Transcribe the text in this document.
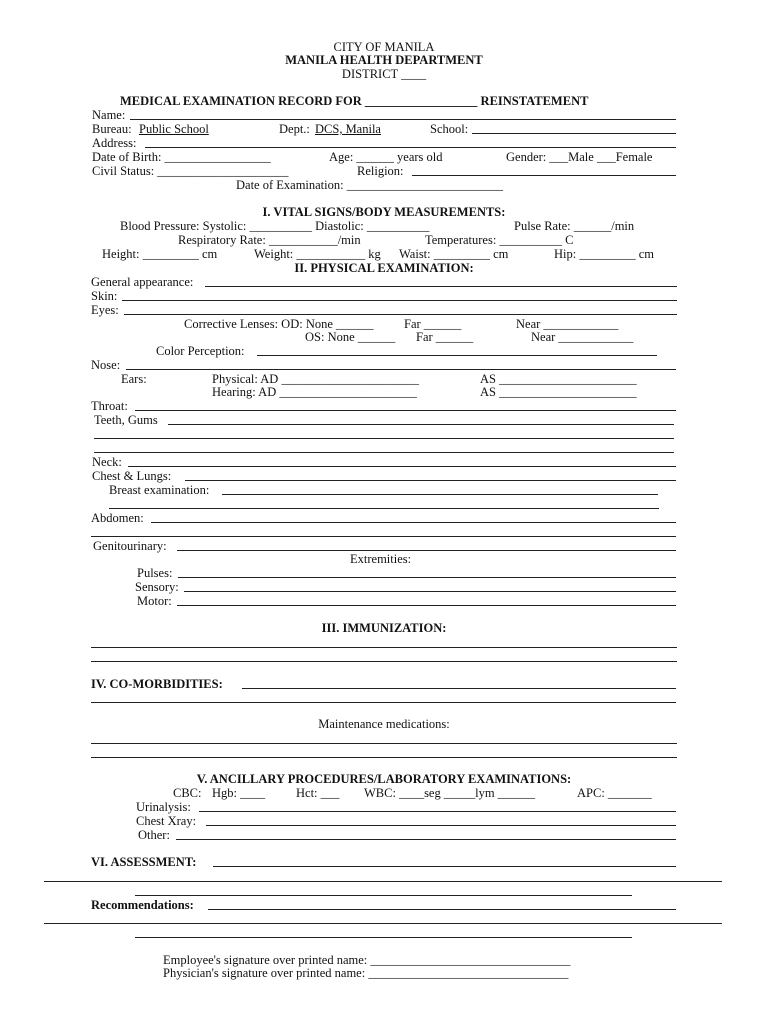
CITY OF MANILA
MANILA HEALTH DEPARTMENT
DISTRICT ____
MEDICAL EXAMINATION RECORD FOR __________________ REINSTATEMENT
Name:
Bureau: Public School	Dept.: DCS, Manila	School:
Address:
Date of Birth: _________________	Age: ______ years old	Gender: ___Male ___Female
Civil Status: _____________________	Religion:
Date of Examination: _________________________
I. VITAL SIGNS/BODY MEASUREMENTS:
Blood Pressure: Systolic: __________ Diastolic: __________	Pulse Rate: ______/min
Respiratory Rate: ___________/min	Temperatures: __________ C
Height: _________ cm	Weight: ___________ kg Waist: _________ cm	Hip: _________ cm
II. PHYSICAL EXAMINATION:
General appearance:
Skin:
Eyes:
Corrective Lenses: OD: None ______ Far ______	Near ____________
OS: None ______ Far ______	Near ____________
Color Perception:
Nose:
Ears:	Physical: AD ______________________	AS ______________________
Hearing: AD ______________________	AS ______________________
Throat:
Teeth, Gums
Neck:
Chest & Lungs:
Breast examination:
Abdomen:
Genitourinary:
Extremities:
Pulses:
Sensory:
Motor:
III. IMMUNIZATION:
IV. CO-MORBIDITIES:
Maintenance medications:
V. ANCILLARY PROCEDURES/LABORATORY EXAMINATIONS:
CBC: Hgb: ____ Hct: ___ WBC: ____seg _____lym ______	APC: _______
Urinalysis:
Chest Xray:
Other:
VI. ASSESSMENT:
Recommendations:
Employee's signature over printed name: ________________________________
Physician's signature over printed name: ________________________________
